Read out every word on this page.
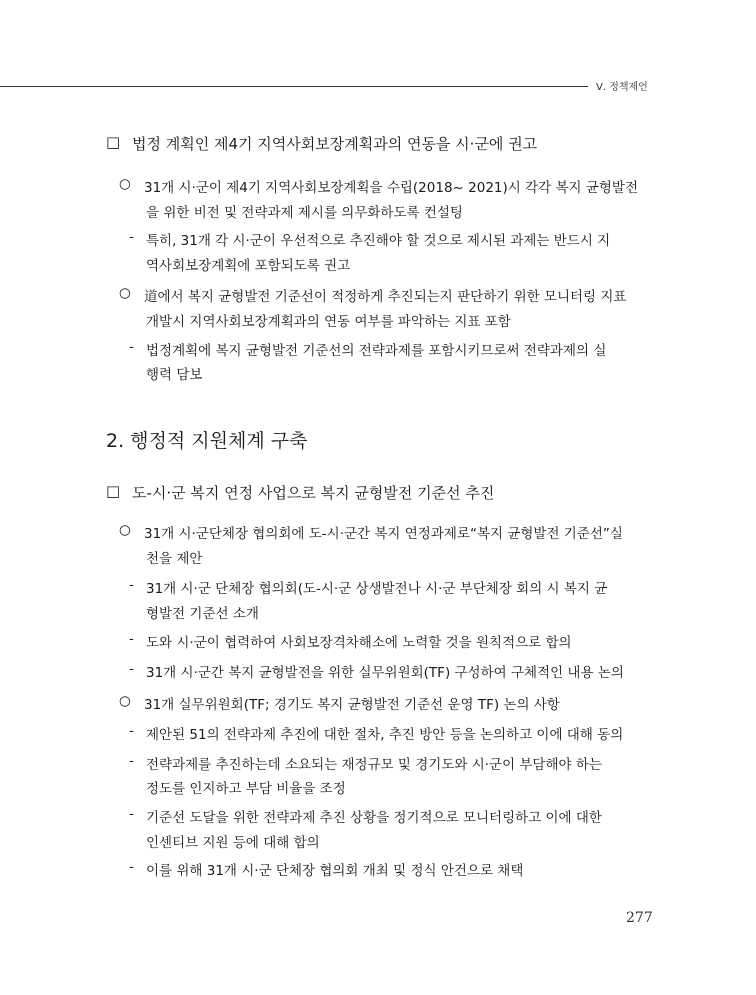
Ⅴ. 정책제언
□ 법정 계획인 제4기 지역사회보장계획과의 연동을 시·군에 권고
○ 31개 시·군이 제4기 지역사회보장계획을 수립(2018~ 2021)시 각각 복지 균형발전
을 위한 비전 및 전략과제 제시를 의무화하도록 컨설팅
- 특히, 31개 각 시·군이 우선적으로 추진해야 할 것으로 제시된 과제는 반드시 지
역사회보장계획에 포함되도록 권고
○ 道에서 복지 균형발전 기준선이 적정하게 추진되는지 판단하기 위한 모니터링 지표
개발시 지역사회보장계획과의 연동 여부를 파악하는 지표 포함
- 법정계획에 복지 균형발전 기준선의 전략과제를 포함시키므로써 전략과제의 실
행력 담보
2. 행정적 지원체계 구축
□ 도-시·군 복지 연정 사업으로 복지 균형발전 기준선 추진
○ 31개 시·군단체장 협의회에 도-시·군간 복지 연정과제로“복지 균형발전 기준선”실
천을 제안
- 31개 시·군 단체장 협의회(도-시·군 상생발전나 시·군 부단체장 회의 시 복지 균
형발전 기준선 소개
- 도와 시·군이 협력하여 사회보장격차해소에 노력할 것을 원칙적으로 합의
- 31개 시·군간 복지 균형발전을 위한 실무위원회(TF) 구성하여 구체적인 내용 논의
○ 31개 실무위원회(TF; 경기도 복지 균형발전 기준선 운영 TF) 논의 사항
- 제안된 51의 전략과제 추진에 대한 절차, 추진 방안 등을 논의하고 이에 대해 동의
- 전략과제를 추진하는데 소요되는 재정규모 및 경기도와 시·군이 부담해야 하는
정도를 인지하고 부담 비율을 조정
- 기준선 도달을 위한 전략과제 추진 상황을 정기적으로 모니터링하고 이에 대한
인센티브 지원 등에 대해 합의
- 이를 위해 31개 시·군 단체장 협의회 개최 및 정식 안건으로 채택
277
